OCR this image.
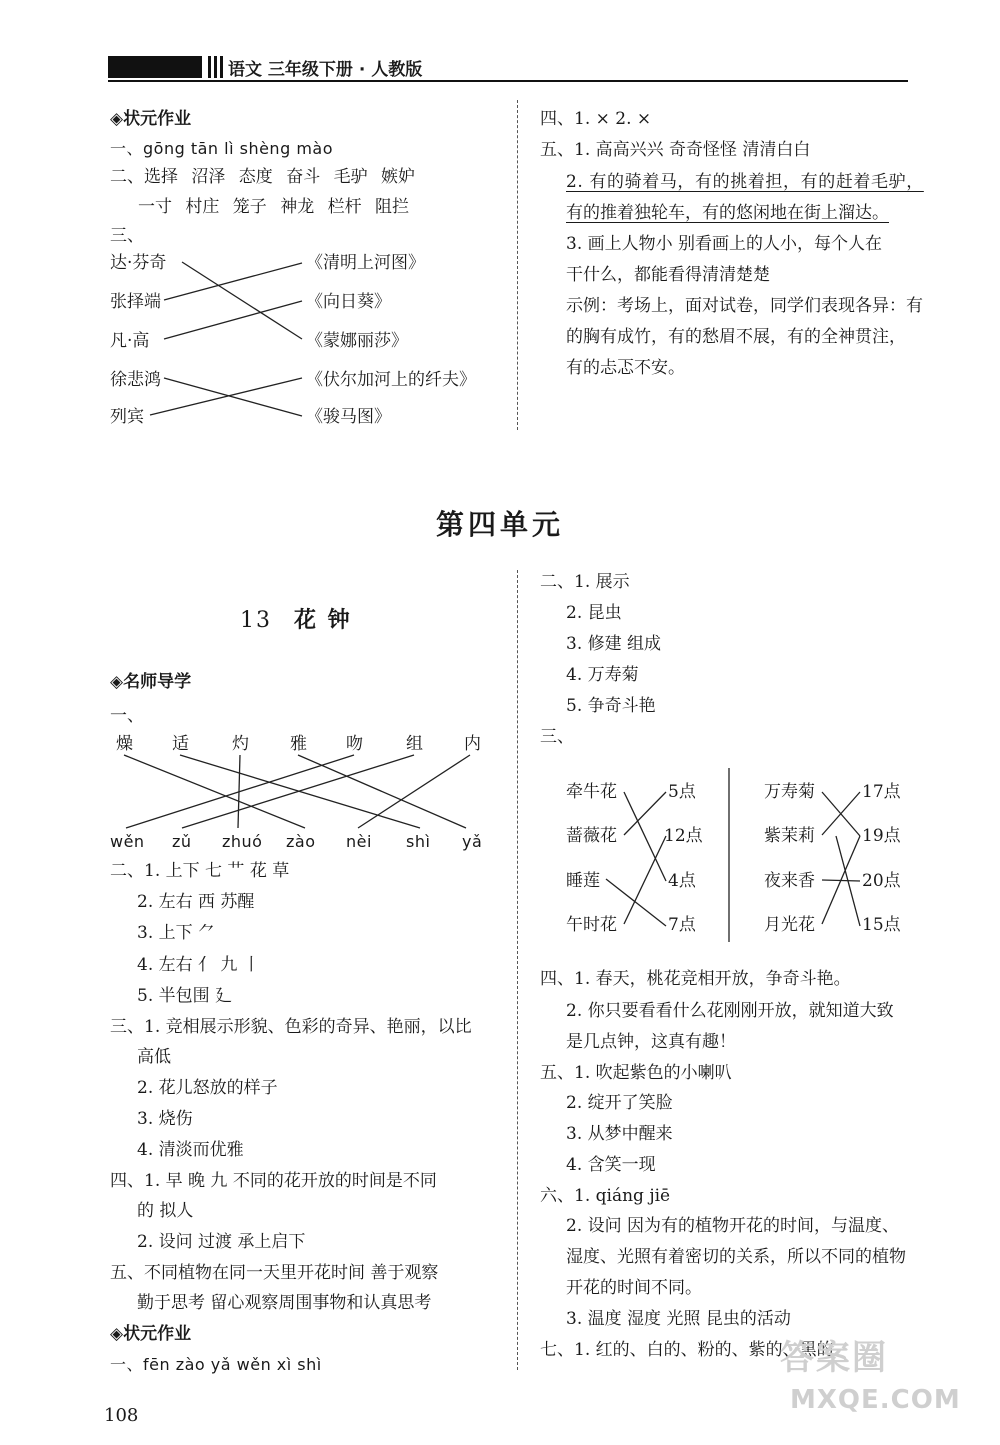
语文 三年级下册 · 人教版
◈状元作业
一、gōng tān lì shèng mào
二、选择 沼泽 态度 奋斗 毛驴 嫉妒
一寸 村庄 笼子 神龙 栏杆 阻拦
三、
达·芬奇
张择端
凡·高
徐悲鸿
列宾
《清明上河图》
《向日葵》
《蒙娜丽莎》
《伏尔加河上的纤夫》
《骏马图》
四、1. × 2. ×
五、1. 高高兴兴 奇奇怪怪 清清白白
2. 有的骑着马，有的挑着担，有的赶着毛驴，
有的推着独轮车，有的悠闲地在街上溜达。
3. 画上人物小 别看画上的人小，每个人在
干什么，都能看得清清楚楚
示例：考场上，面对试卷，同学们表现各异：有
的胸有成竹，有的愁眉不展，有的全神贯注，
有的忐忑不安。
第四单元
13 花 钟
◈名师导学
一、
燥 适	灼 雅 吻	组 内
wěn zǔ zhuó zào nèi shì yǎ
二、1. 上下 七 艹 花 草
2. 左右 西 苏醒
3. 上下 ⺈
4. 左右 亻 九 丨
5. 半包围 廴
三、1. 竞相展示形貌、色彩的奇异、艳丽，以比
高低
2. 花儿怒放的样子
3. 烧伤
4. 清淡而优雅
四、1. 早 晚 九 不同的花开放的时间是不同
的 拟人
2. 设问 过渡 承上启下
五、不同植物在同一天里开花时间 善于观察
勤于思考 留心观察周围事物和认真思考
◈状元作业
一、fēn zào yǎ wěn xì shì
二、1. 展示
2. 昆虫
3. 修建 组成
4. 万寿菊
5. 争奇斗艳
三、
牵牛花
蔷薇花
睡莲
午时花
5点
12点
4点
7点
万寿菊
紫茉莉
夜来香
月光花
17点
19点
20点
15点
四、1. 春天，桃花竞相开放，争奇斗艳。
2. 你只要看看什么花刚刚开放，就知道大致
是几点钟，这真有趣！
五、1. 吹起紫色的小喇叭
2. 绽开了笑脸
3. 从梦中醒来
4. 含笑一现
六、1. qiáng jiē
2. 设问 因为有的植物开花的时间，与温度、
湿度、光照有着密切的关系，所以不同的植物
开花的时间不同。
3. 温度 湿度 光照 昆虫的活动
七、1. 红的、白的、粉的、紫的、黑的
108
答案圈
MXQE.COM
